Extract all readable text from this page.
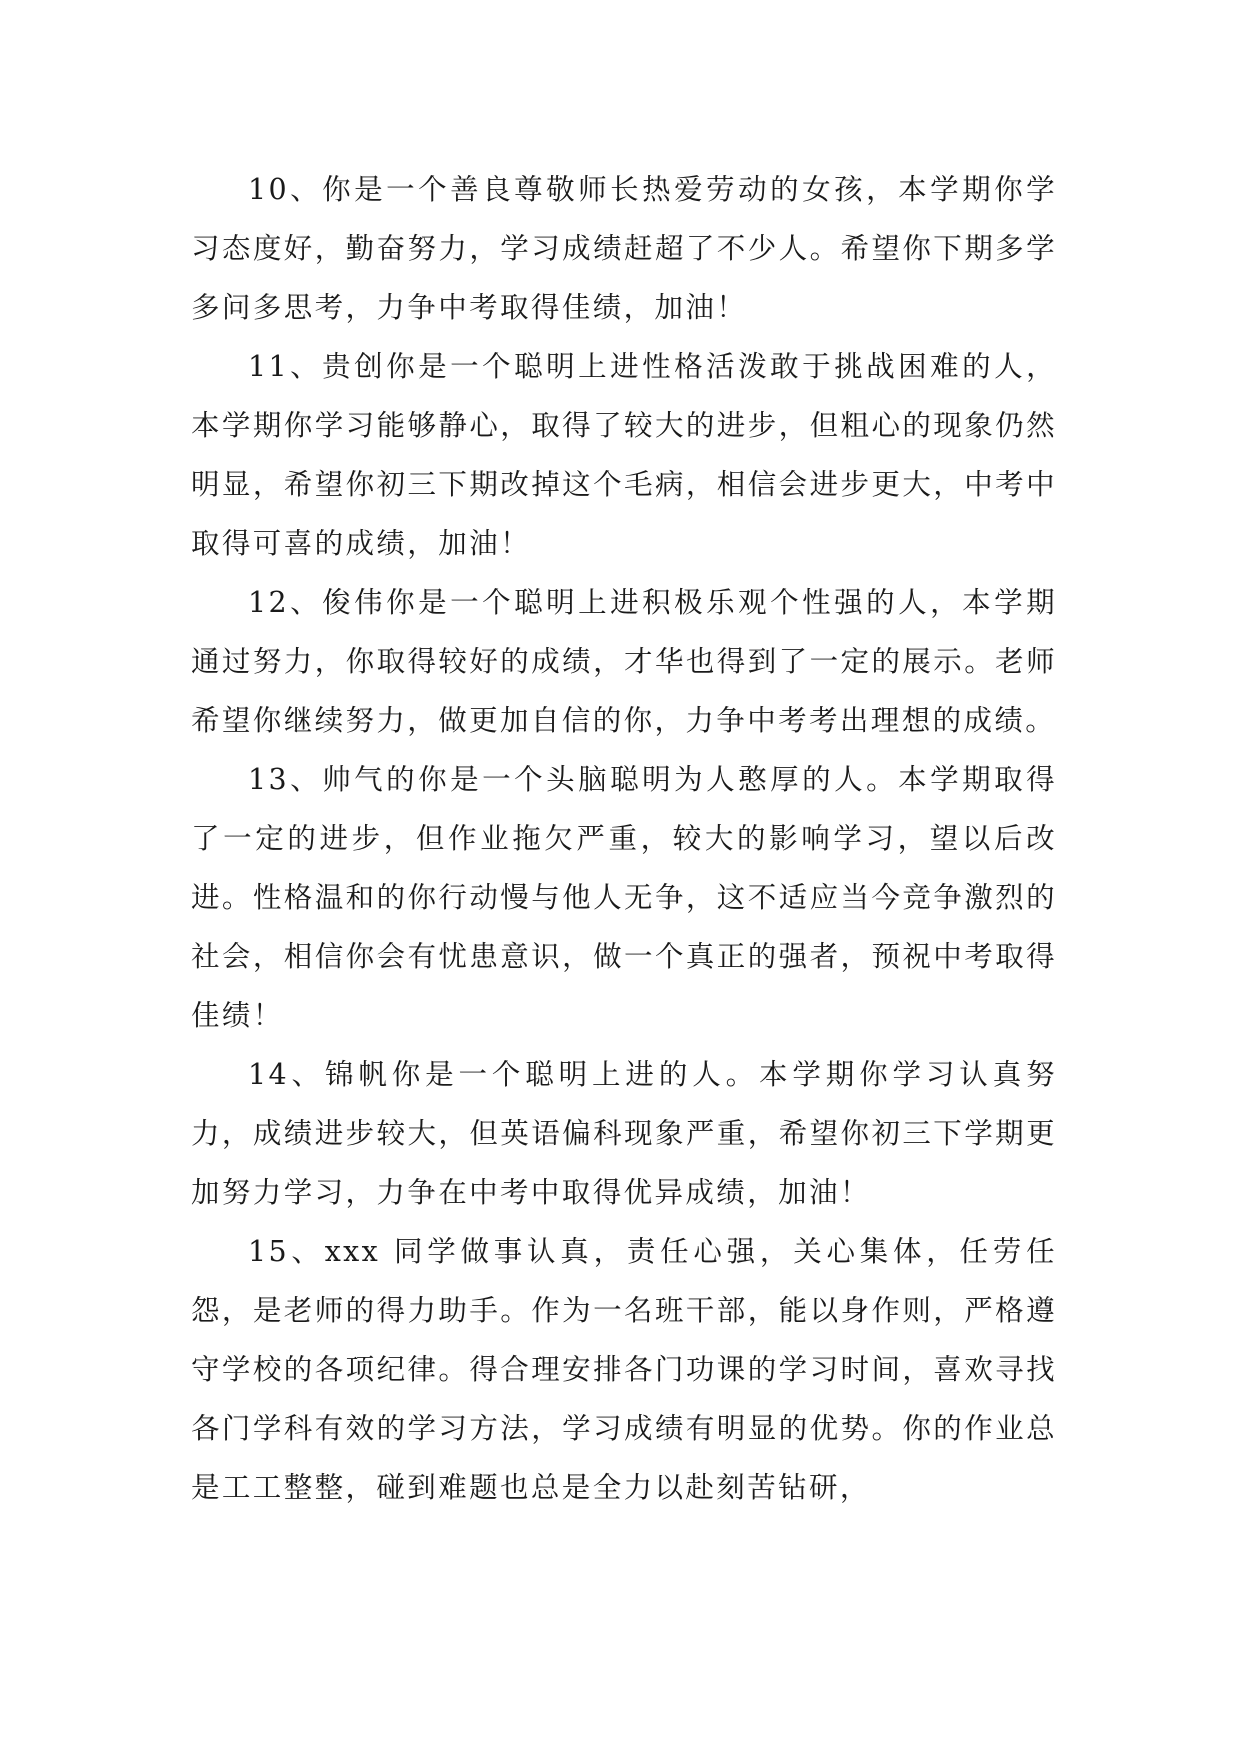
10、你是一个善良尊敬师长热爱劳动的女孩，本学期你学习态度好，勤奋努力，学习成绩赶超了不少人。希望你下期多学多问多思考，力争中考取得佳绩，加油！

11、贵创你是一个聪明上进性格活泼敢于挑战困难的人，本学期你学习能够静心，取得了较大的进步，但粗心的现象仍然明显，希望你初三下期改掉这个毛病，相信会进步更大，中考中取得可喜的成绩，加油！

12、俊伟你是一个聪明上进积极乐观个性强的人，本学期通过努力，你取得较好的成绩，才华也得到了一定的展示。老师希望你继续努力，做更加自信的你，力争中考考出理想的成绩。

13、帅气的你是一个头脑聪明为人憨厚的人。本学期取得了一定的进步，但作业拖欠严重，较大的影响学习，望以后改进。性格温和的你行动慢与他人无争，这不适应当今竞争激烈的社会，相信你会有忧患意识，做一个真正的强者，预祝中考取得佳绩！

14、锦帆你是一个聪明上进的人。本学期你学习认真努力，成绩进步较大，但英语偏科现象严重，希望你初三下学期更加努力学习，力争在中考中取得优异成绩，加油！

15、xxx 同学做事认真，责任心强，关心集体，任劳任怨，是老师的得力助手。作为一名班干部，能以身作则，严格遵守学校的各项纪律。得合理安排各门功课的学习时间，喜欢寻找各门学科有效的学习方法，学习成绩有明显的优势。你的作业总是工工整整，碰到难题也总是全力以赴刻苦钻研，
